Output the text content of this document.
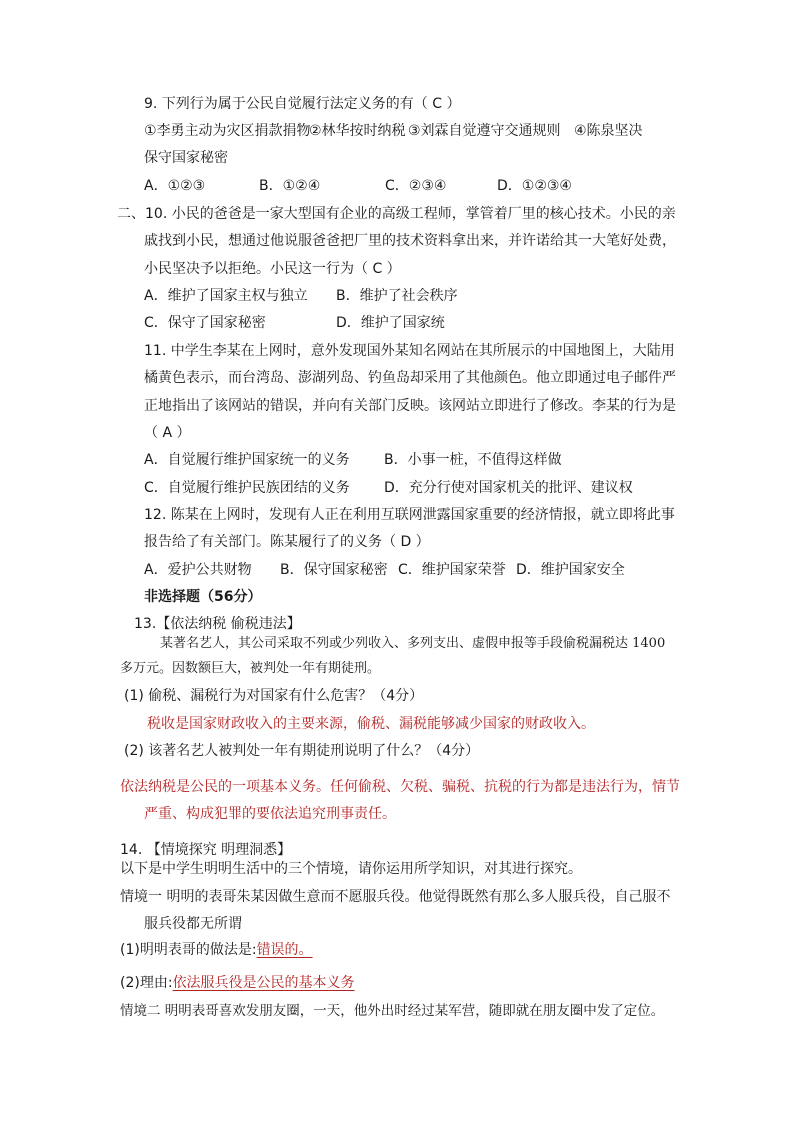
9. 下列行为属于公民自觉履行法定义务的有（ C ）
①李勇主动为灾区捐款捐物②林华按时纳税 ③刘霖自觉遵守交通规则 ④陈泉坚决
保守国家秘密
A．①②③	B．①②④	C．②③④	D．①②③④
二、10. 小民的爸爸是一家大型国有企业的高级工程师，掌管着厂里的核心技术。小民的亲
戚找到小民，想通过他说服爸爸把厂里的技术资料拿出来，并许诺给其一大笔好处费，
小民坚决予以拒绝。小民这一行为（ C ）
A．维护了国家主权与独立 B．维护了社会秩序
C．保守了国家秘密	D．维护了国家统
11. 中学生李某在上网时，意外发现国外某知名网站在其所展示的中国地图上，大陆用
橘黄色表示，而台湾岛、澎湖列岛、钓鱼岛却采用了其他颜色。他立即通过电子邮件严
正地指出了该网站的错误，并向有关部门反映。该网站立即进行了修改。李某的行为是
（ A ）
A．自觉履行维护国家统一的义务 B．小事一桩，不值得这样做
C．自觉履行维护民族团结的义务 D．充分行使对国家机关的批评、建议权
12. 陈某在上网时，发现有人正在利用互联网泄露国家重要的经济情报，就立即将此事
报告给了有关部门。陈某履行了的义务（ D ）
A．爱护公共财物 B．保守国家秘密 C．维护国家荣誉 D．维护国家安全
非选择题（56分）
13.【依法纳税 偷税违法】
某著名艺人，其公司采取不列或少列收入、多列支出、虚假申报等手段偷税漏税达 1400
多万元。因数额巨大，被判处一年有期徒刑。
(1) 偷税、漏税行为对国家有什么危害？（4分）
税收是国家财政收入的主要来源，偷税、漏税能够减少国家的财政收入。
(2) 该著名艺人被判处一年有期徒刑说明了什么？（4分）
依法纳税是公民的一项基本义务。任何偷税、欠税、骗税、抗税的行为都是违法行为，情节
严重、构成犯罪的要依法追究刑事责任。
14. 【情境探究 明理洞悉】
以下是中学生明明生活中的三个情境，请你运用所学知识，对其进行探究。
情境一 明明的表哥朱某因做生意而不愿服兵役。他觉得既然有那么多人服兵役，自己服不
服兵役都无所谓
(1)明明表哥的做法是:错误的。
(2)理由:依法服兵役是公民的基本义务
情境二 明明表哥喜欢发朋友圈，一天，他外出时经过某军营，随即就在朋友圈中发了定位。
